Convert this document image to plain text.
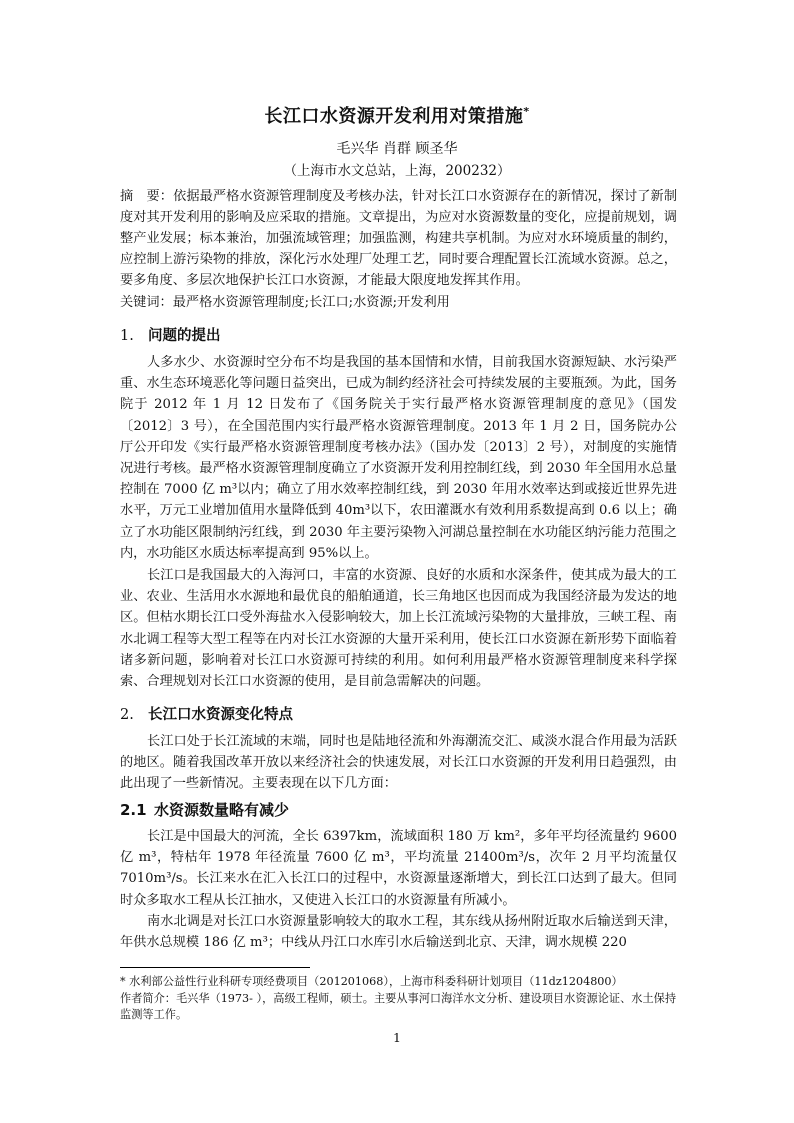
长江口水资源开发利用对策措施*
毛兴华 肖群 顾圣华
（上海市水文总站，上海，200232）
摘　要：依据最严格水资源管理制度及考核办法，针对长江口水资源存在的新情况，探讨了新制度对其开发利用的影响及应采取的措施。文章提出，为应对水资源数量的变化，应提前规划，调整产业发展；标本兼治，加强流域管理；加强监测，构建共享机制。为应对水环境质量的制约，应控制上游污染物的排放，深化污水处理厂处理工艺，同时要合理配置长江流域水资源。总之，要多角度、多层次地保护长江口水资源，才能最大限度地发挥其作用。
关键词：最严格水资源管理制度;长江口;水资源;开发利用
1. 问题的提出

人多水少、水资源时空分布不均是我国的基本国情和水情，目前我国水资源短缺、水污染严重、水生态环境恶化等问题日益突出，已成为制约经济社会可持续发展的主要瓶颈。为此，国务院于 2012 年 1 月 12 日发布了《国务院关于实行最严格水资源管理制度的意见》（国发〔2012〕3 号），在全国范围内实行最严格水资源管理制度。2013 年 1 月 2 日，国务院办公厅公开印发《实行最严格水资源管理制度考核办法》（国办发〔2013〕2 号），对制度的实施情况进行考核。最严格水资源管理制度确立了水资源开发利用控制红线，到 2030 年全国用水总量控制在 7000 亿 m³以内；确立了用水效率控制红线，到 2030 年用水效率达到或接近世界先进水平，万元工业增加值用水量降低到 40m³以下，农田灌溉水有效利用系数提高到 0.6 以上；确立了水功能区限制纳污红线，到 2030 年主要污染物入河湖总量控制在水功能区纳污能力范围之内，水功能区水质达标率提高到 95%以上。

长江口是我国最大的入海河口，丰富的水资源、良好的水质和水深条件，使其成为最大的工业、农业、生活用水水源地和最优良的船舶通道，长三角地区也因而成为我国经济最为发达的地区。但枯水期长江口受外海盐水入侵影响较大，加上长江流域污染物的大量排放，三峡工程、南水北调工程等大型工程等在内对长江水资源的大量开采利用，使长江口水资源在新形势下面临着诸多新问题，影响着对长江口水资源可持续的利用。如何利用最严格水资源管理制度来科学探索、合理规划对长江口水资源的使用，是目前急需解决的问题。

2. 长江口水资源变化特点

长江口处于长江流域的末端，同时也是陆地径流和外海潮流交汇、咸淡水混合作用最为活跃的地区。随着我国改革开放以来经济社会的快速发展，对长江口水资源的开发利用日趋强烈，由此出现了一些新情况。主要表现在以下几方面：

2.1 水资源数量略有减少

长江是中国最大的河流，全长 6397km，流域面积 180 万 km²，多年平均径流量约 9600 亿 m³，特枯年 1978 年径流量 7600 亿 m³，平均流量 21400m³/s，次年 2 月平均流量仅 7010m³/s。长江来水在汇入长江口的过程中，水资源量逐渐增大，到长江口达到了最大。但同时众多取水工程从长江抽水，又使进入长江口的水资源量有所减小。

南水北调是对长江口水资源量影响较大的取水工程，其东线从扬州附近取水后输送到天津，年供水总规模 186 亿 m³；中线从丹江口水库引水后输送到北京、天津，调水规模 220

* 水利部公益性行业科研专项经费项目（201201068），上海市科委科研计划项目（11dz1204800）
作者简介：毛兴华（1973- ），高级工程师，硕士。主要从事河口海洋水文分析、建设项目水资源论证、水土保持监测等工作。
1
